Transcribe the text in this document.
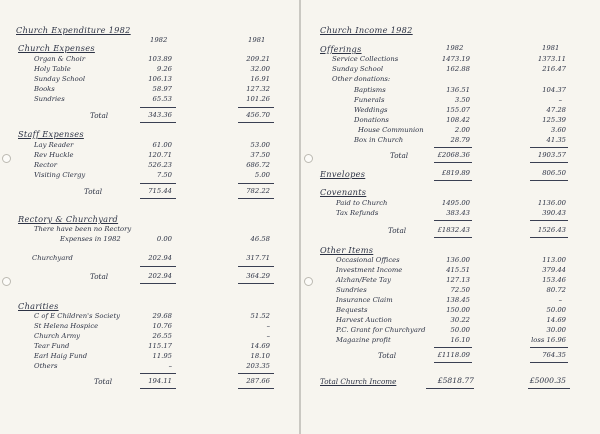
Church Expenditure 1982
1982	1981
Church Expenses
Organ & Choir	103.89	209.21
Holy Table	9.26	32.00
Sunday School	106.13	16.91
Books	58.97	127.32
Sundries	65.53	101.26
Total	343.36	456.70
Staff Expenses
Lay Reader	61.00	53.00
Rev Huckle	120.71	37.50
Rector	526.23	686.72
Visiting Clergy	7.50	5.00
Total	715.44	782.22
Rectory & Churchyard
There have been no Rectory
Expenses in 1982	0.00	46.58
Churchyard	202.94	317.71
Total	202.94	364.29
Charities
C of E Children's Society	29.68	51.52
St Helena Hospice	10.76	–
Church Army	26.55	–
Tear Fund	115.17	14.69
Earl Haig Fund	11.95	18.10
Others	–	203.35
Total	194.11	287.66
Church Income 1982
1982	1981
Offerings
Service Collections	1473.19	1373.11
Sunday School	162.88	216.47
Other donations:
Baptisms	136.51	104.37
Funerals	3.50	–
Weddings	155.07	47.28
Donations	108.42	125.39
House Communion	2.00	3.60
Box in Church	28.79	41.35
Total	£2068.36	1903.57
Envelopes	£819.89	806.50
Covenants
Paid to Church	1495.00	1136.00
Tax Refunds	383.43	390.43
Total	£1832.43	1526.43
Other Items
Occasional Offices	136.00	113.00
Investment Income	415.51	379.44
Alzhan/Fete Tay	127.13	153.46
Sundries	72.50	80.72
Insurance Claim	138.45	–
Bequests	150.00	50.00
Harvest Auction	30.22	14.69
P.C. Grant for Churchyard	50.00	30.00
Magazine profit	16.10	loss 16.96
Total	£1118.09	764.35
Total Church Income	£5818.77	£5000.35
